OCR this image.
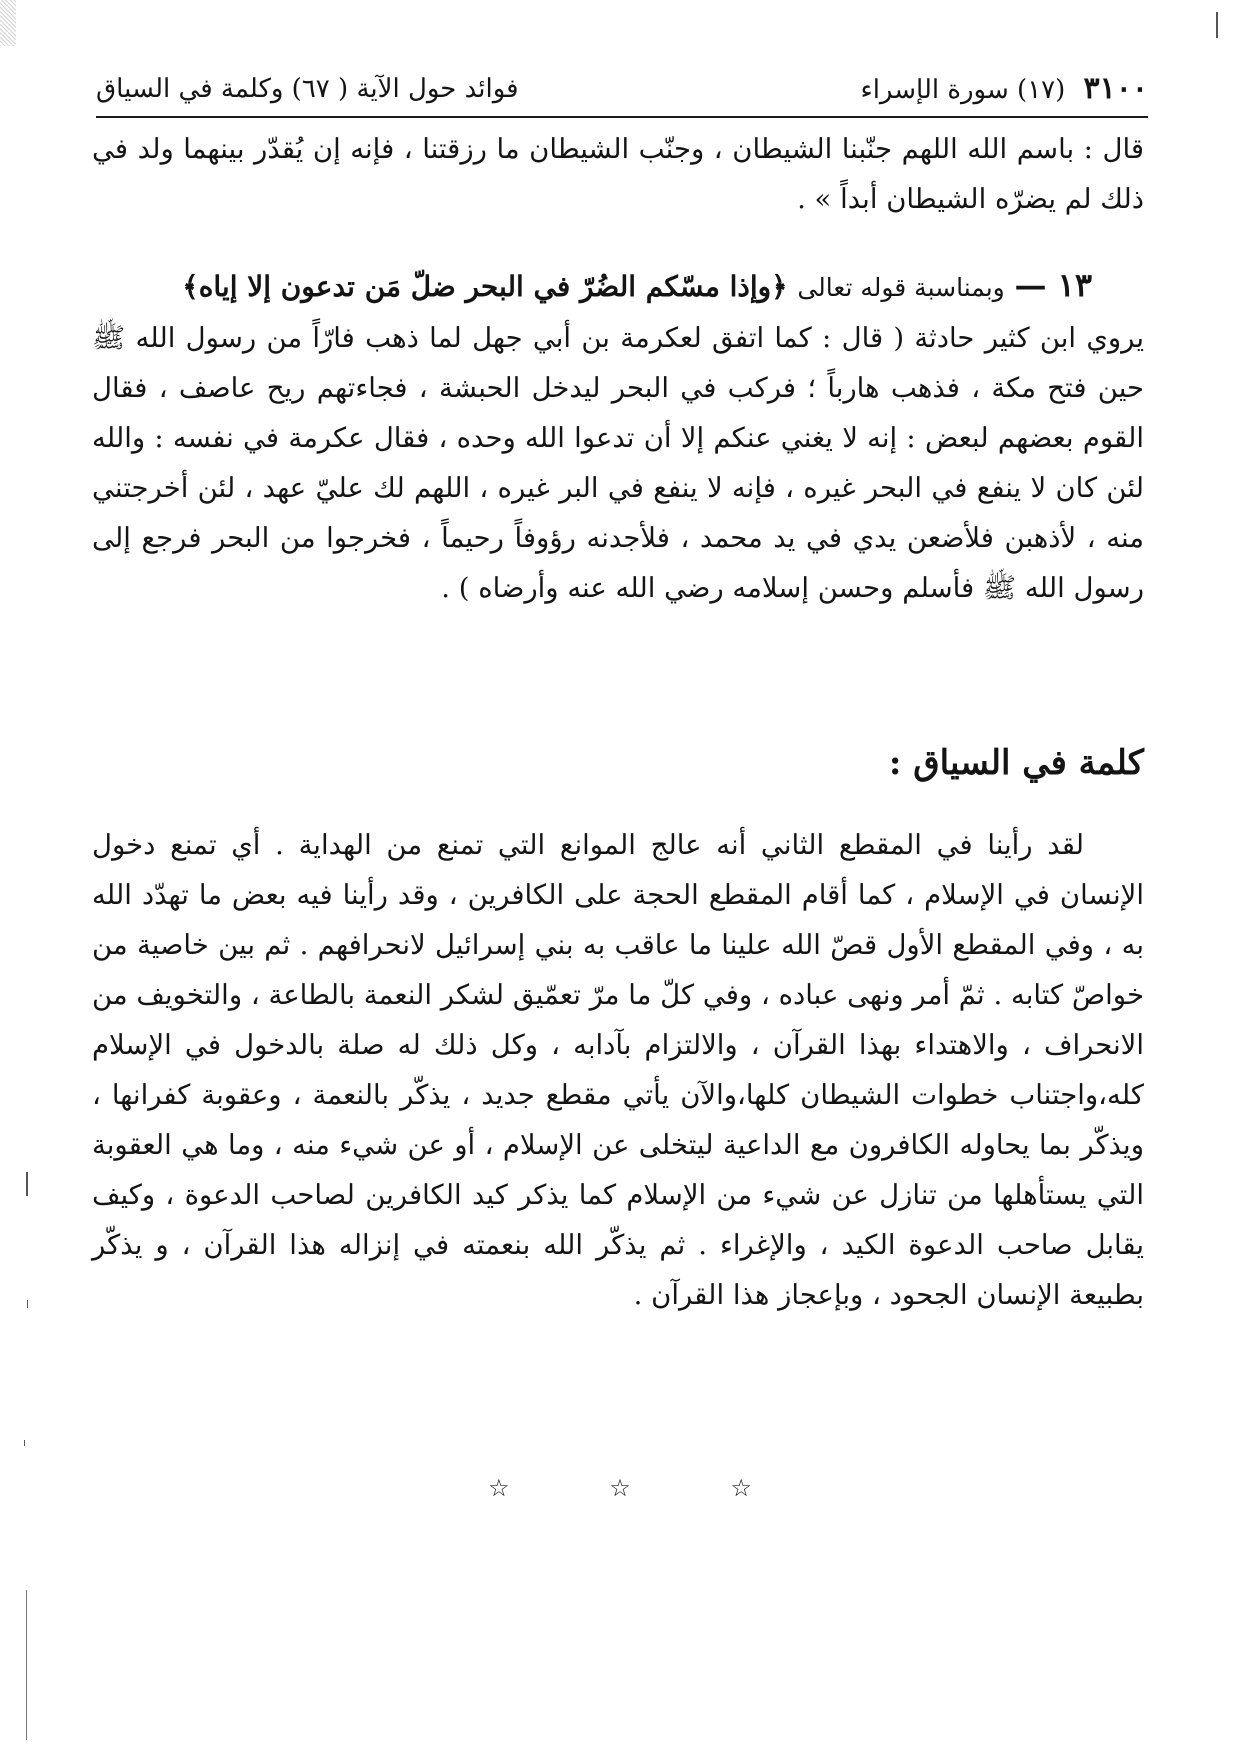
٣١٠٠ (١٧) سورة الإسراء
فوائد حول الآية ( ٦٧) وكلمة في السياق

قال : باسم الله اللهم جنّبنا الشيطان ، وجنّب الشيطان ما رزقتنا ، فإنه إن يُقدّر بينهما ولد في ذلك لم يضرّه الشيطان أبداً » .

١٣ — وبمناسبة قوله تعالى ﴿وإذا مسّكم الضُرّ في البحر ضلّ مَن تدعون إلا إياه﴾

يروي ابن كثير حادثة ( قال : كما اتفق لعكرمة بن أبي جهل لما ذهب فارّاً من رسول الله ﷺ حين فتح مكة ، فذهب هارباً ؛ فركب في البحر ليدخل الحبشة ، فجاءتهم ريح عاصف ، فقال القوم بعضهم لبعض : إنه لا يغني عنكم إلا أن تدعوا الله وحده ، فقال عكرمة في نفسه : والله لئن كان لا ينفع في البحر غيره ، فإنه لا ينفع في البر غيره ، اللهم لك عليّ عهد ، لئن أخرجتني منه ، لأذهبن فلأضعن يدي في يد محمد ، فلأجدنه رؤوفاً رحيماً ، فخرجوا من البحر فرجع إلى رسول الله ﷺ فأسلم وحسن إسلامه رضي الله عنه وأرضاه ) .

كلمة في السياق :

لقد رأينا في المقطع الثاني أنه عالج الموانع التي تمنع من الهداية . أي تمنع دخول الإنسان في الإسلام ، كما أقام المقطع الحجة على الكافرين ، وقد رأينا فيه بعض ما تهدّد الله به ، وفي المقطع الأول قصّ الله علينا ما عاقب به بني إسرائيل لانحرافهم . ثم بين خاصية من خواصّ كتابه . ثمّ أمر ونهى عباده ، وفي كلّ ما مرّ تعمّيق لشكر النعمة بالطاعة ، والتخويف من الانحراف ، والاهتداء بهذا القرآن ، والالتزام بآدابه ، وكل ذلك له صلة بالدخول في الإسلام كله،واجتناب خطوات الشيطان كلها،والآن يأتي مقطع جديد ، يذكّر بالنعمة ، وعقوبة كفرانها ، ويذكّر بما يحاوله الكافرون مع الداعية ليتخلى عن الإسلام ، أو عن شيء منه ، وما هي العقوبة التي يستأهلها من تنازل عن شيء من الإسلام كما يذكر كيد الكافرين لصاحب الدعوة ، وكيف يقابل صاحب الدعوة الكيد ، والإغراء . ثم يذكّر الله بنعمته في إنزاله هذا القرآن ، و يذكّر بطبيعة الإنسان الجحود ، وبإعجاز هذا القرآن .

☆	☆	☆
